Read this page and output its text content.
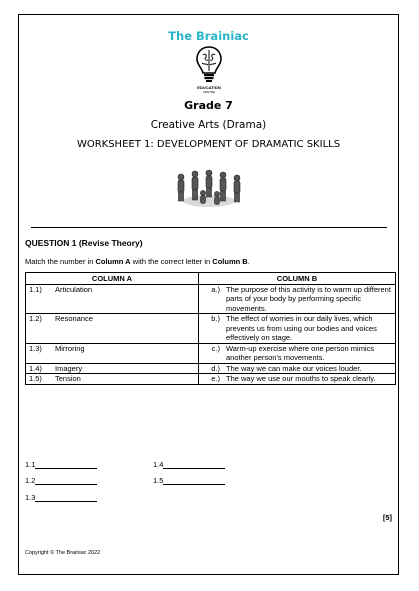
The Brainiac
EDUCATION
CENTRE
Grade 7
Creative Arts (Drama)
WORKSHEET 1: DEVELOPMENT OF DRAMATIC SKILLS
QUESTION 1 (Revise Theory)
Match the number in Column A with the correct letter in Column B.
COLUMN A		COLUMN B	
1.1)	Articulation	a.)	The purpose of this activity is to warm up different parts of your body by performing specific movements.
1.2)	Resonance	b.)	The effect of worries in our daily lives, which prevents us from using our bodies and voices effectively on stage.
1.3)	Mirroring	c.)	Warm-up exercise where one person mimics another person's movements.
1.4)	Imagery	d.)	The way we can make our voices louder.
1.5)	Tension	e.)	The way we use our mouths to speak clearly.
1.1
1.2
1.3
1.4
1.5
[5]
Copyright © The Brainiac 2022
